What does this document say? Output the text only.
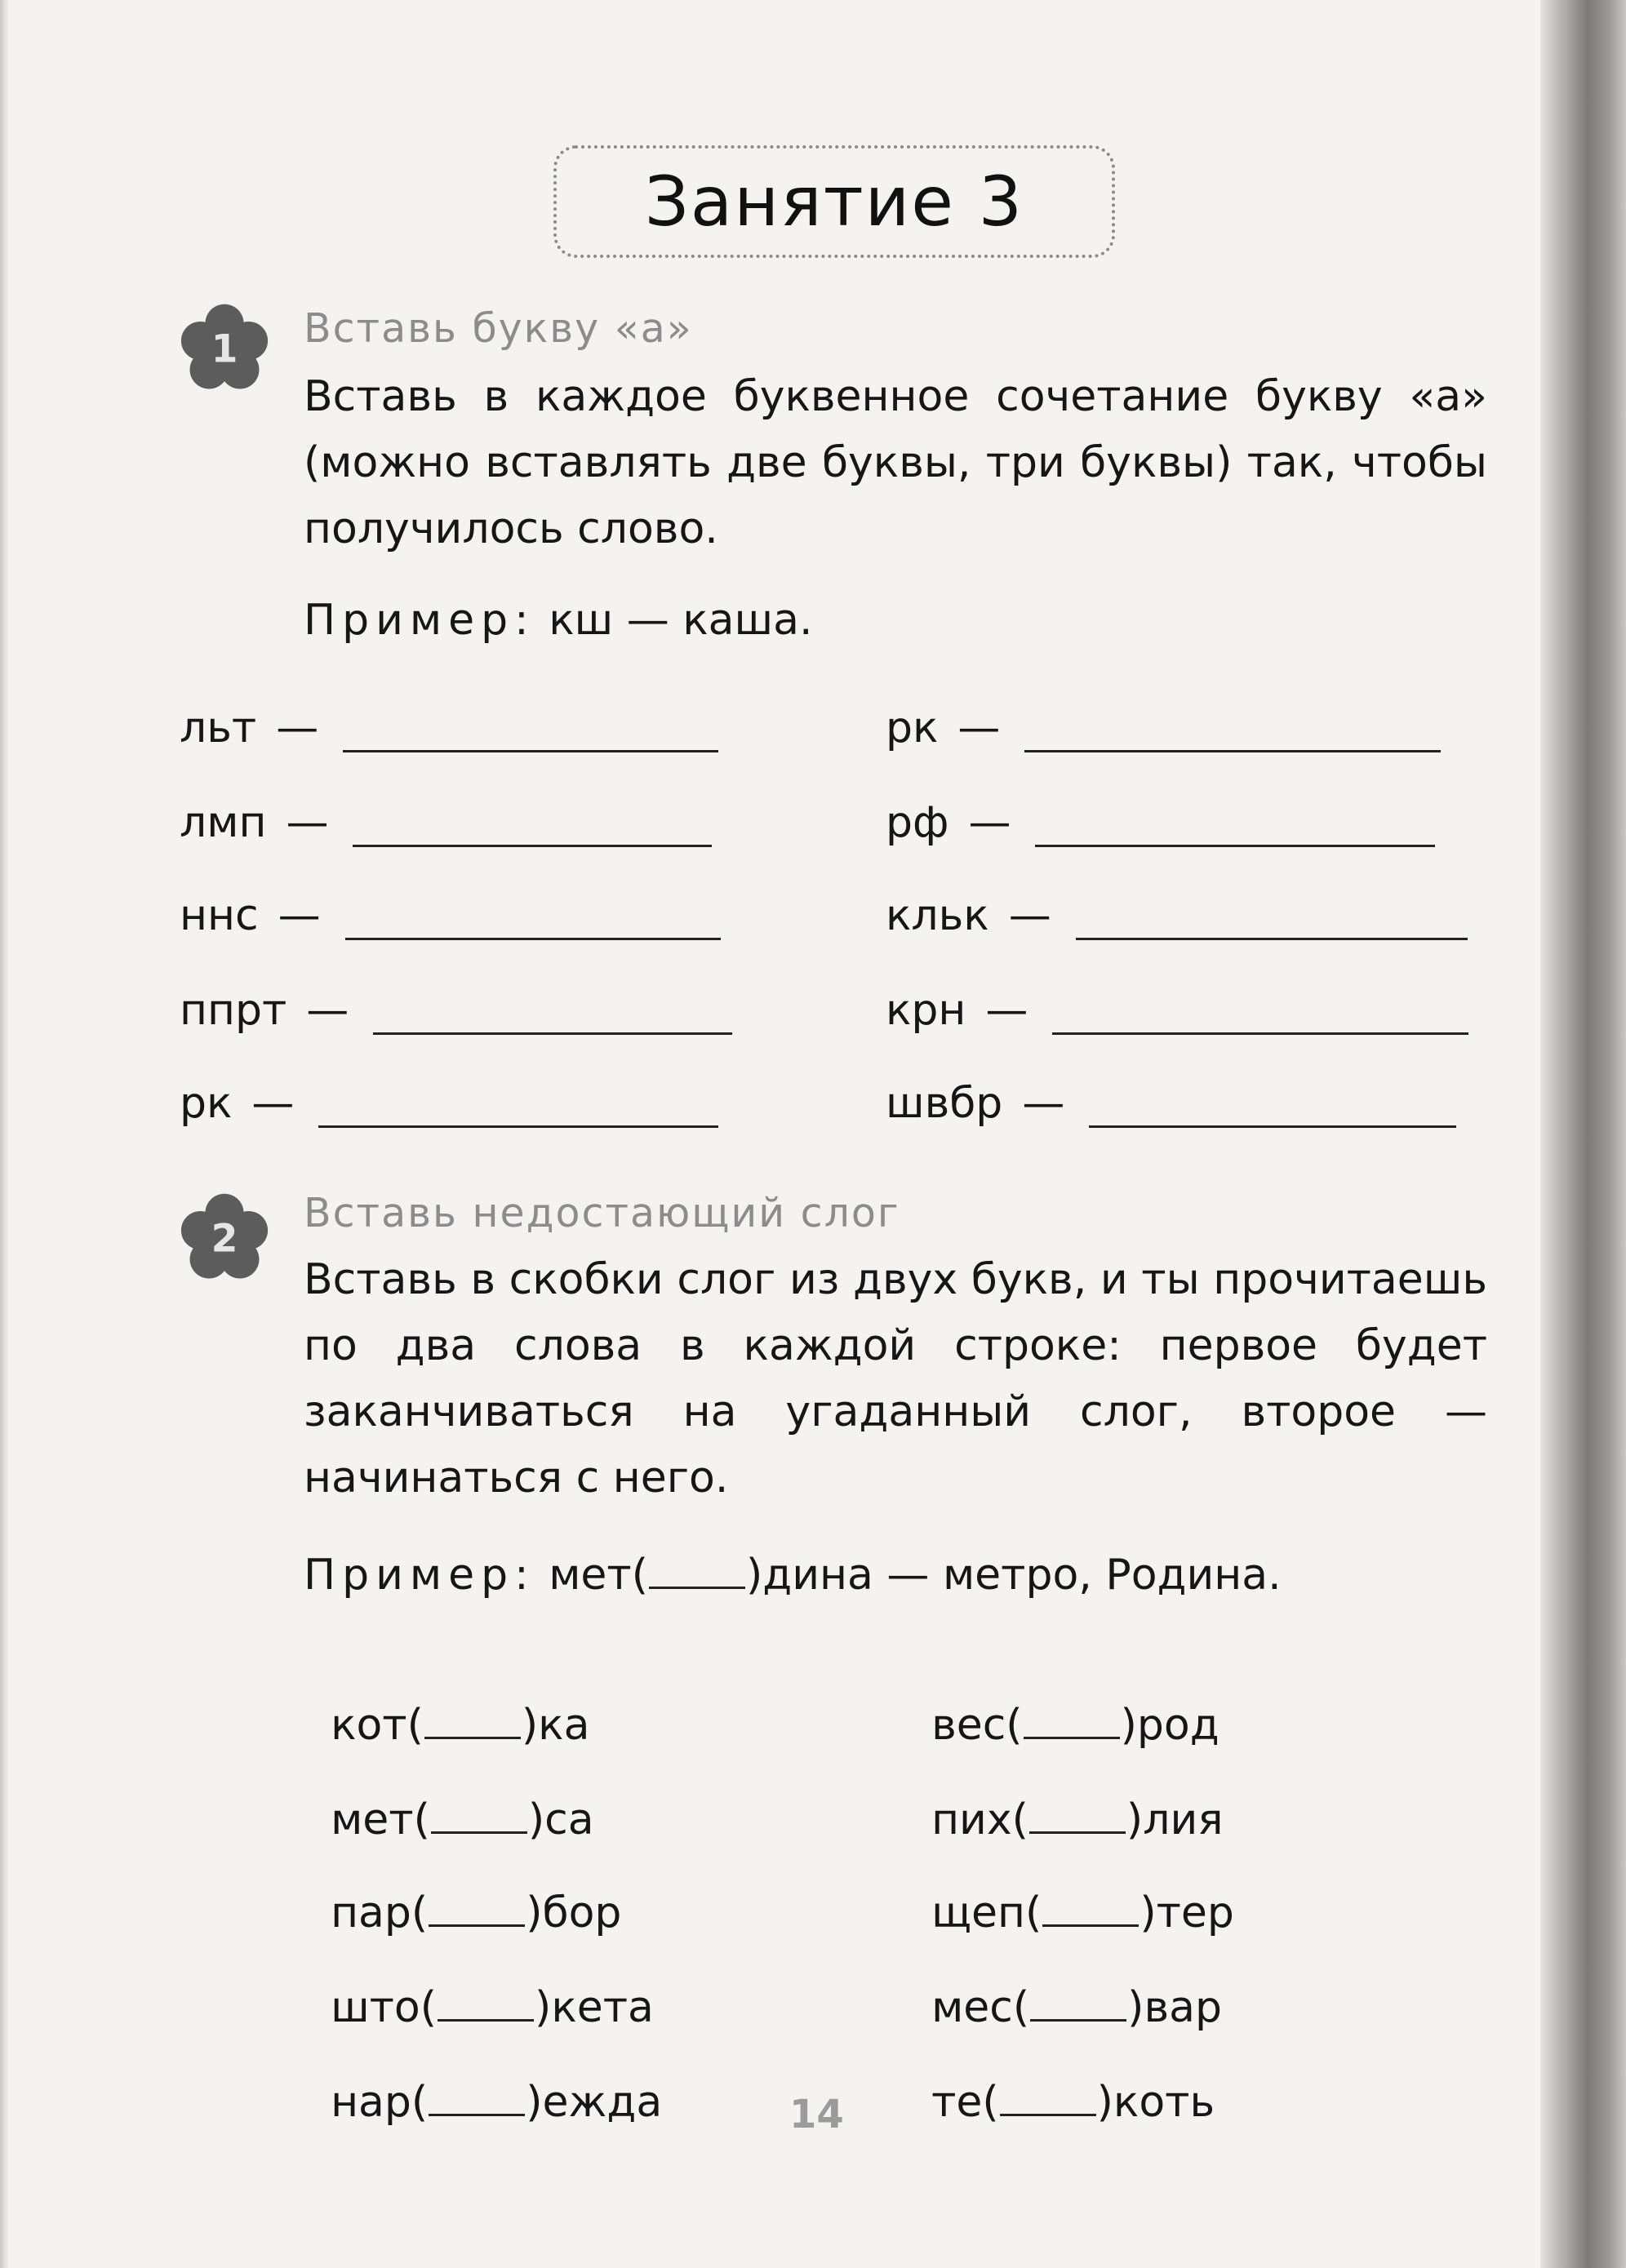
Занятие 3
1 Вставь букву «а»
Вставь в каждое буквенное сочетание букву «а» (можно вставлять две буквы, три буквы) так, чтобы получилось слово.
Пример: кш — каша.
льт —
лмп —
ннс —
ппрт —
рк —
рк —
рф —
кльк —
крн —
швбр —
2
Вставь недостающий слог
Вставь в скобки слог из двух букв, и ты прочитаешь по два слова в каждой строке: первое будет заканчиваться на угаданный слог, второе — начинаться с него.
Пример: мет( )дина — метро, Родина.

кот( )ка

мет( )са

пар( )бор

што( )кета

нар( )ежда

вес( )род

пих( )лия

щеп( )тер

мес( )вар

те( )коть

14
